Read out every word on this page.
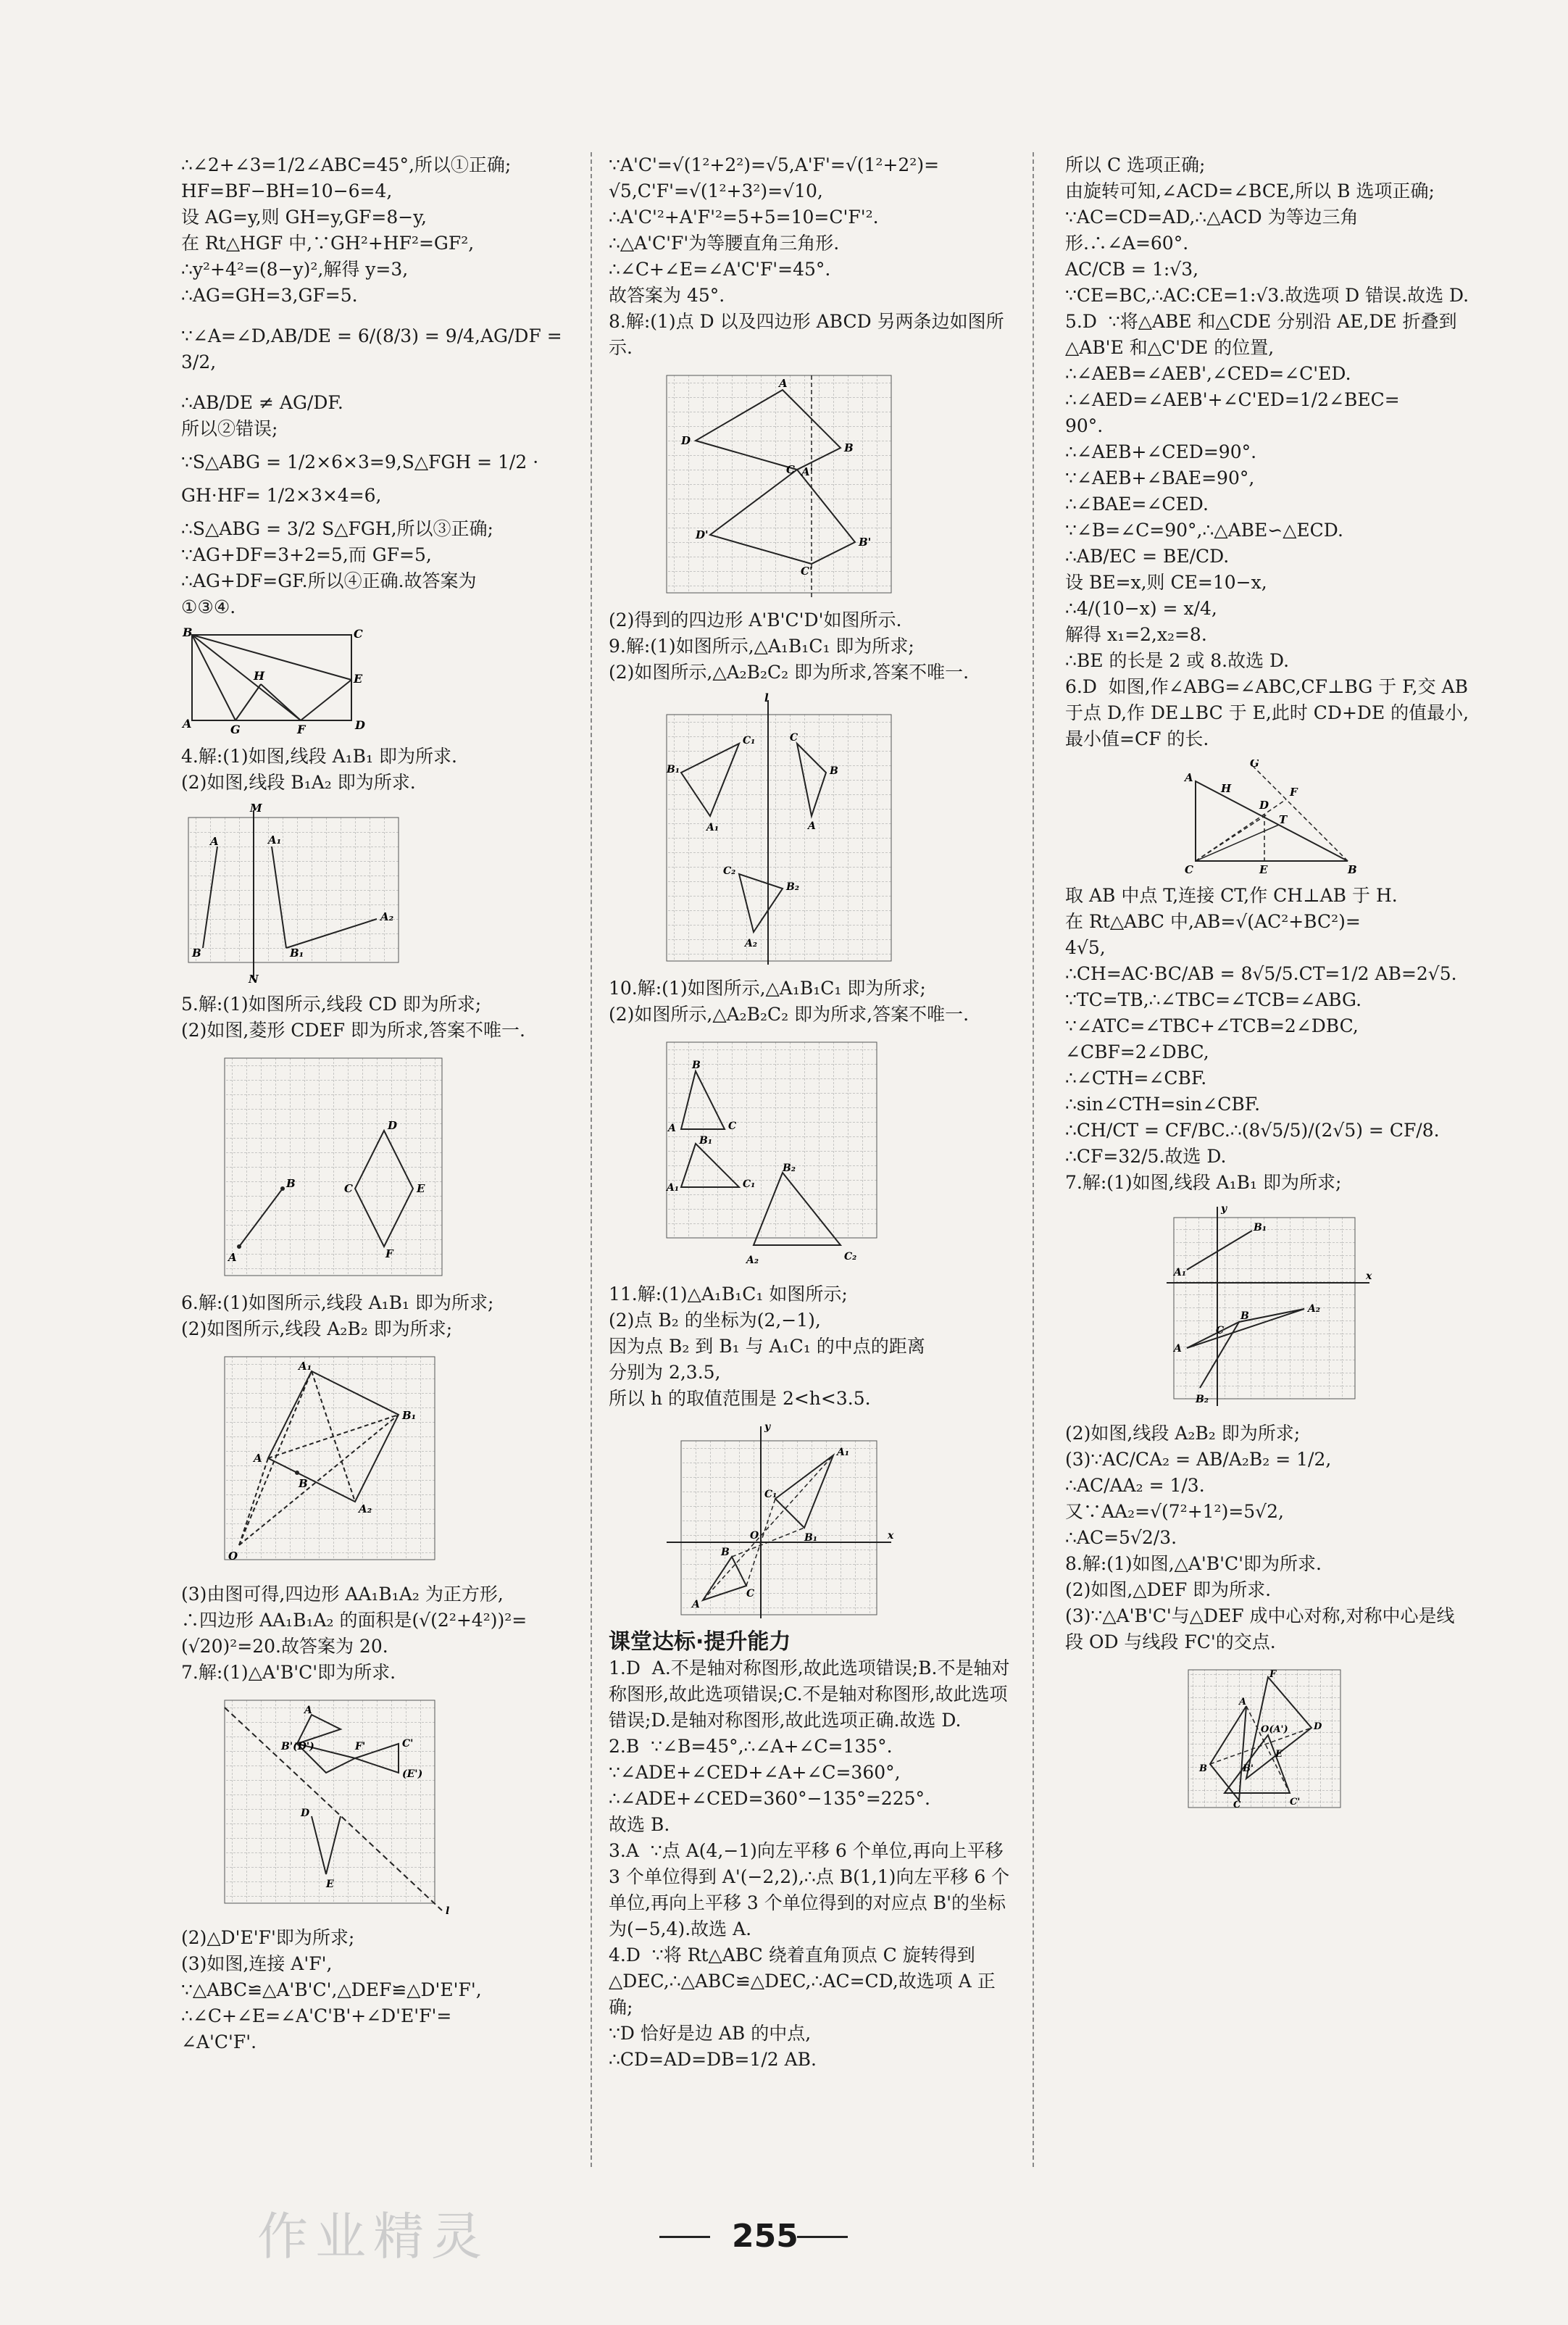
∴∠2+∠3=1/2∠ABC=45°,所以①正确;

HF=BF−BH=10−6=4,

设 AG=y,则 GH=y,GF=8−y,

在 Rt△HGF 中,∵GH²+HF²=GF²,

∴y²+4²=(8−y)²,解得 y=3,

∴AG=GH=3,GF=5.

∵∠A=∠D,AB/DE = 6/(8/3) = 9/4,AG/DF = 3/2,

∴AB/DE ≠ AG/DF.

所以②错误;

∵S△ABG = 1/2×6×3=9,S△FGH = 1/2 ·

GH·HF= 1/2×3×4=6,

∴S△ABG = 3/2 S△FGH,所以③正确;

∵AG+DF=3+2=5,而 GF=5,

∴AG+DF=GF.所以④正确.故答案为

①③④.

B	C
E
H
A	G	F	D

4.解:(1)如图,线段 A₁B₁ 即为所求.

(2)如图,线段 B₁A₂ 即为所求.

M
N
A	A₁
B	B₁
A₂

5.解:(1)如图所示,线段 CD 即为所求;

(2)如图,菱形 CDEF 即为所求,答案不唯一.

A
B	C
D
E
F

6.解:(1)如图所示,线段 A₁B₁ 即为所求;

(2)如图所示,线段 A₂B₂ 即为所求;

O
A
A₁
B₁
A₂
B

(3)由图可得,四边形 AA₁B₁A₂ 为正方形,

∴四边形 AA₁B₁A₂ 的面积是(√(2²+4²))²=

(√20)²=20.故答案为 20.

7.解:(1)△A'B'C'即为所求.

A
B'(D')	F'	C'
(E')
D
E
l

(2)△D'E'F'即为所求;

(3)如图,连接 A'F',

∵△ABC≌△A'B'C',△DEF≌△D'E'F',

∴∠C+∠E=∠A'C'B'+∠D'E'F'=

∠A'C'F'.

∵A'C'=√(1²+2²)=√5,A'F'=√(1²+2²)=

√5,C'F'=√(1²+3²)=√10,

∴A'C'²+A'F'²=5+5=10=C'F'².

∴△A'C'F'为等腰直角三角形.

∴∠C+∠E=∠A'C'F'=45°.

故答案为 45°.

8.解:(1)点 D 以及四边形 ABCD 另两条边如图所示.

A
D
B
C A'
D'
B'
C'

(2)得到的四边形 A'B'C'D'如图所示.

9.解:(1)如图所示,△A₁B₁C₁ 即为所求;

(2)如图所示,△A₂B₂C₂ 即为所求,答案不唯一.

l
B₁
C₁
A₁
C
B
A
C₂
B₂
A₂

10.解:(1)如图所示,△A₁B₁C₁ 即为所求;

(2)如图所示,△A₂B₂C₂ 即为所求,答案不唯一.

B
A	C
B₁
A₁	C₁
B₂
A₂	C₂

11.解:(1)△A₁B₁C₁ 如图所示;

(2)点 B₂ 的坐标为(2,−1),

因为点 B₂ 到 B₁ 与 A₁C₁ 的中点的距离

分别为 2,3.5,

所以 h 的取值范围是 2<h<3.5.

y
x
O
A₁
C₁
B₁
A
B
C

课堂达标·提升能力

1.D  A.不是轴对称图形,故此选项错误;B.不是轴对称图形,故此选项错误;C.不是轴对称图形,故此选项错误;D.是轴对称图形,故此选项正确.故选 D.

2.B  ∵∠B=45°,∴∠A+∠C=135°.

∵∠ADE+∠CED+∠A+∠C=360°,

∴∠ADE+∠CED=360°−135°=225°.

故选 B.

3.A  ∵点 A(4,−1)向左平移 6 个单位,再向上平移 3 个单位得到 A'(−2,2),∴点 B(1,1)向左平移 6 个单位,再向上平移 3 个单位得到的对应点 B'的坐标为(−5,4).故选 A.

4.D  ∵将 Rt△ABC 绕着直角顶点 C 旋转得到△DEC,∴△ABC≌△DEC,∴AC=CD,故选项 A 正确;

∵D 恰好是边 AB 的中点,

∴CD=AD=DB=1/2 AB.

所以 C 选项正确;

由旋转可知,∠ACD=∠BCE,所以 B 选项正确;

∵AC=CD=AD,∴△ACD 为等边三角形.∴∠A=60°.

AC/CB = 1:√3,

∵CE=BC,∴AC:CE=1:√3.故选项 D 错误.故选 D.

5.D  ∵将△ABE 和△CDE 分别沿 AE,DE 折叠到△AB'E 和△C'DE 的位置,

∴∠AEB=∠AEB',∠CED=∠C'ED.

∴∠AED=∠AEB'+∠C'ED=1/2∠BEC=

90°.

∴∠AEB+∠CED=90°.

∵∠AEB+∠BAE=90°,

∴∠BAE=∠CED.

∵∠B=∠C=90°,∴△ABE∽△ECD.

∴AB/EC = BE/CD.

设 BE=x,则 CE=10−x,

∴4/(10−x) = x/4,

解得 x₁=2,x₂=8.

∴BE 的长是 2 或 8.故选 D.

6.D  如图,作∠ABG=∠ABC,CF⊥BG 于 F,交 AB 于点 D,作 DE⊥BC 于 E,此时 CD+DE 的值最小,最小值=CF 的长.

A
H
D
T
F
G
C	E	B

取 AB 中点 T,连接 CT,作 CH⊥AB 于 H.

在 Rt△ABC 中,AB=√(AC²+BC²)=

4√5,

∴CH=AC·BC/AB = 8√5/5.CT=1/2 AB=2√5.

∵TC=TB,∴∠TBC=∠TCB=∠ABG.

∵∠ATC=∠TBC+∠TCB=2∠DBC,

∠CBF=2∠DBC,

∴∠CTH=∠CBF.

∴sin∠CTH=sin∠CBF.

∴CH/CT = CF/BC.∴(8√5/5)/(2√5) = CF/8.

∴CF=32/5.故选 D.

7.解:(1)如图,线段 A₁B₁ 即为所求;

y
x
B₁
A₁
A
B
C
A₂
B₂

(2)如图,线段 A₂B₂ 即为所求;

(3)∵AC/CA₂ = AB/A₂B₂ = 1/2,

∴AC/AA₂ = 1/3.

又∵AA₂=√(7²+1²)=5√2,

∴AC=5√2/3.

8.解:(1)如图,△A'B'C'即为所求.

(2)如图,△DEF 即为所求.

(3)∵△A'B'C'与△DEF 成中心对称,对称中心是线段 OD 与线段 FC'的交点.

F
D
O(A')
A
B	B'
C	C'
E
255
作业精灵
